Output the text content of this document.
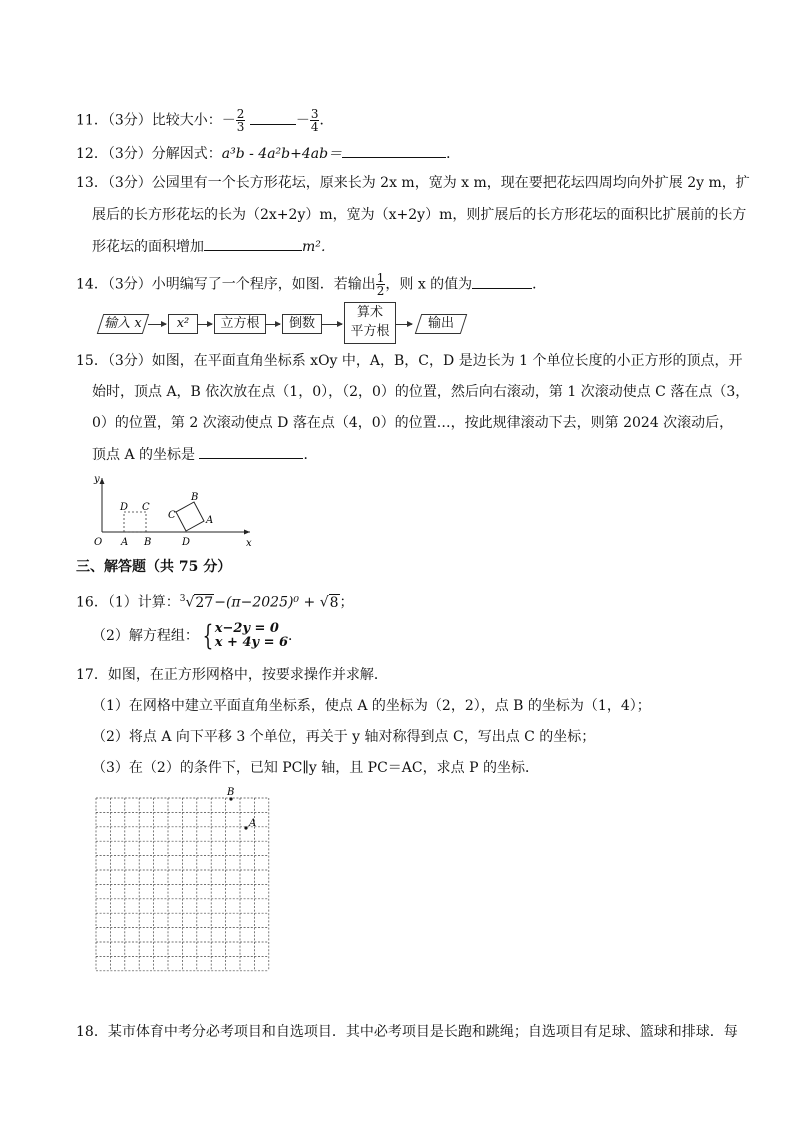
11．（3分）比较大小：－ $\frac{2}{3}$	－ $\frac{3}{4}$ ．
12．（3分）分解因式：a³b - 4a²b+4ab＝	．
13．（3分）公园里有一个长方形花坛，原来长为 2x m，宽为 x m，现在要把花坛四周均向外扩展 2y m，扩
展后的长方形花坛的长为（2x+2y）m，宽为（x+2y）m，则扩展后的长方形花坛的面积比扩展前的长方
形花坛的面积增加	m²．
14．（3分）小明编写了一个程序，如图．若输出 $\frac{1}{2}$ ，则 x 的值为	．
输入 x	x²	立方根	倒数
算术
平方根
输出
15．（3分）如图，在平面直角坐标系 xOy 中，A，B，C，D 是边长为 1 个单位长度的小正方形的顶点，开
始时，顶点 A，B 依次放在点（1，0），（2，0）的位置，然后向右滚动，第 1 次滚动使点 C 落在点（3，
0）的位置，第 2 次滚动使点 D 落在点（4，0）的位置…，按此规律滚动下去，则第 2024 次滚动后，
顶点 A 的坐标是	．
y
x
O
D C
A B
B
C	A
D
三、解答题（共 75 分）
16．（1）计算：$^3$√27−(π−2025)⁰ + √8；
（2）解方程组： { x−2y = 0
x + 4y = 6 ．
17．如图，在正方形网格中，按要求操作并求解．
（1）在网格中建立平面直角坐标系，使点 A 的坐标为（2，2），点 B 的坐标为（1，4）；
（2）将点 A 向下平移 3 个单位，再关于 y 轴对称得到点 C，写出点 C 的坐标；
（3）在（2）的条件下，已知 PC∥y 轴，且 PC＝AC，求点 P 的坐标．
B
A
18．某市体育中考分必考项目和自选项目．其中必考项目是长跑和跳绳；自选项目有足球、篮球和排球．每
